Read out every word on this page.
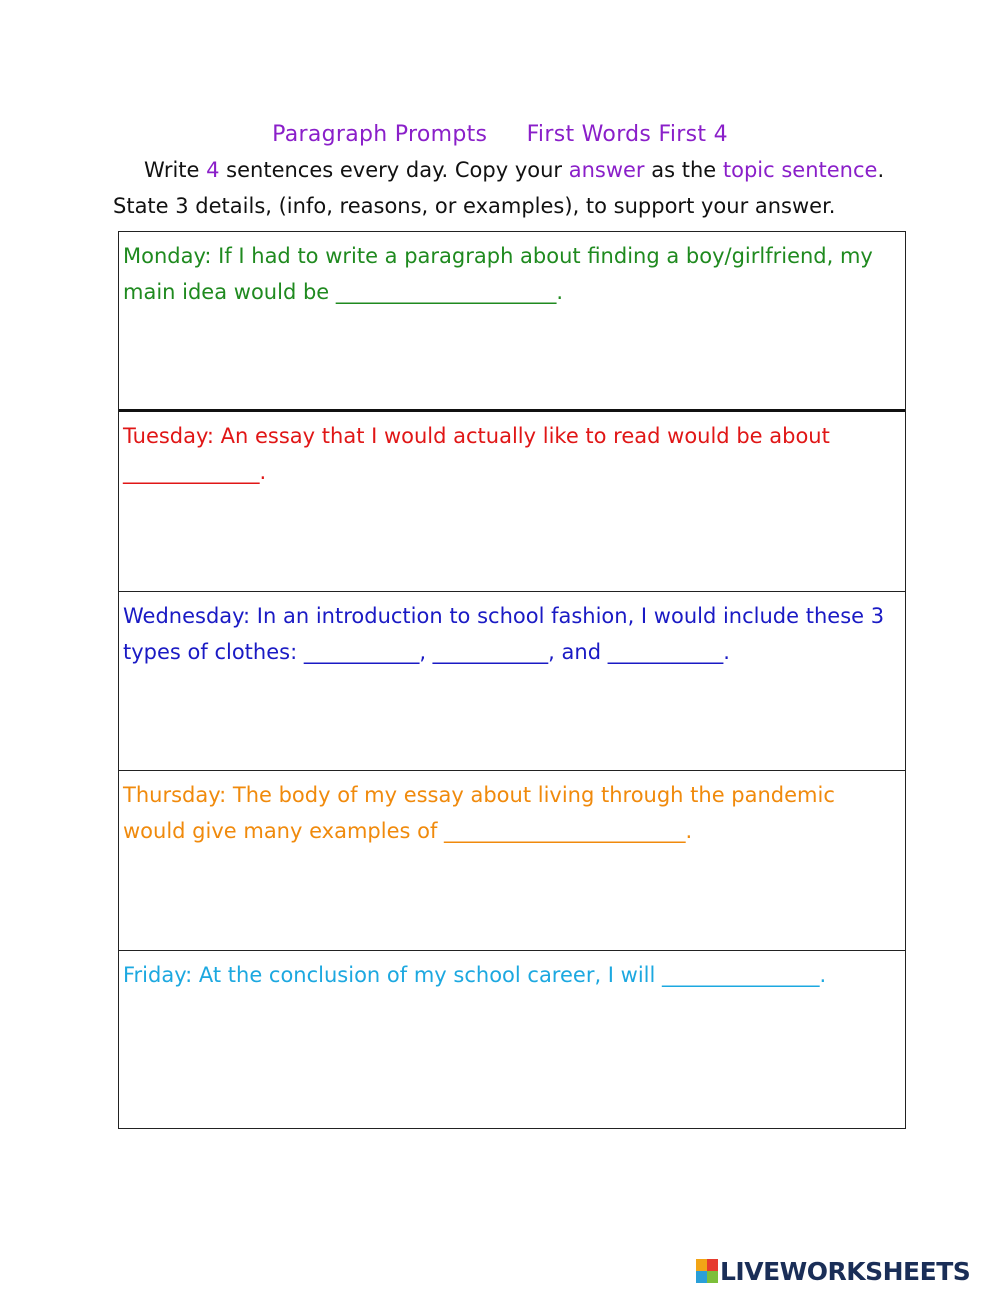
Paragraph Prompts First Words First 4
Write 4 sentences every day. Copy your answer as the topic sentence.
State 3 details, (info, reasons, or examples), to support your answer.
Monday: If I had to write a paragraph about finding a boy/girlfriend, my main idea would be _____________________.
Tuesday: An essay that I would actually like to read would be about _____________.
Wednesday: In an introduction to school fashion, I would include these 3 types of clothes: ___________, ___________, and ___________.
Thursday: The body of my essay about living through the pandemic would give many examples of _______________________.
Friday: At the conclusion of my school career, I will _______________.
LIVEWORKSHEETS
